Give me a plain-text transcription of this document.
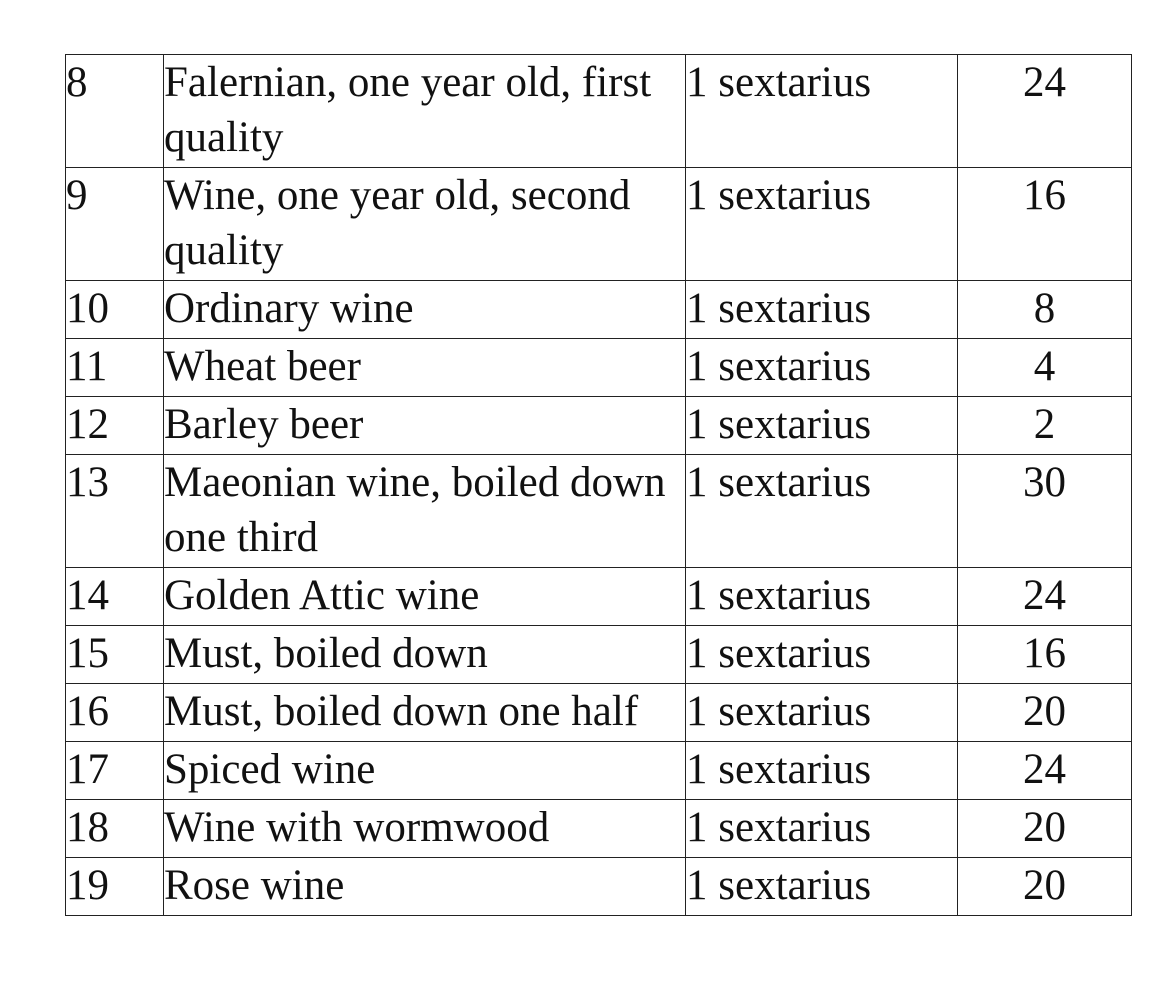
8	Falernian, one year old, first quality	1 sextarius	24
9	Wine, one year old, second quality	1 sextarius	16
10	Ordinary wine	1 sextarius	8
11	Wheat beer	1 sextarius	4
12	Barley beer	1 sextarius	2
13	Maeonian wine, boiled down one third	1 sextarius	30
14	Golden Attic wine	1 sextarius	24
15	Must, boiled down	1 sextarius	16
16	Must, boiled down one half	1 sextarius	20
17	Spiced wine	1 sextarius	24
18	Wine with wormwood	1 sextarius	20
19	Rose wine	1 sextarius	20
